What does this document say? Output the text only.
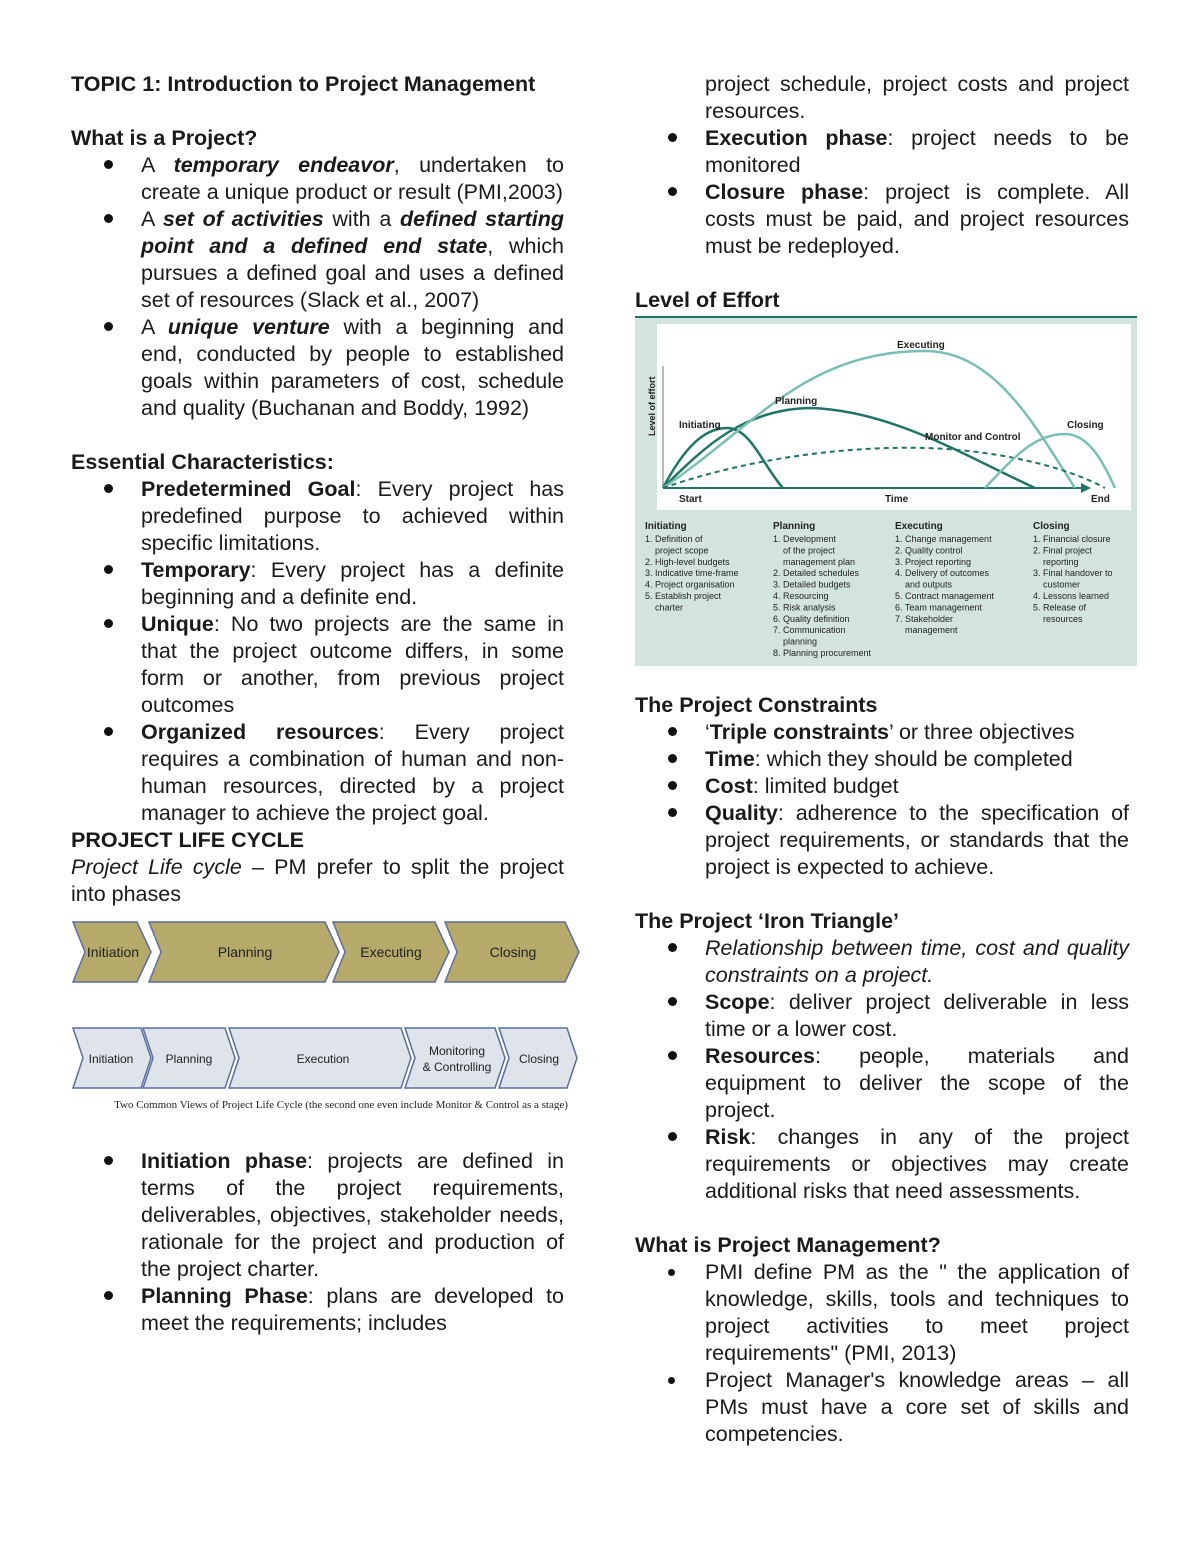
TOPIC 1: Introduction to Project Management

What is a Project?

A temporary endeavor, undertaken to create a unique product or result (PMI,2003)
A set of activities with a defined starting point and a defined end state, which pursues a defined goal and uses a defined set of resources (Slack et al., 2007)
A unique venture with a beginning and end, conducted by people to established goals within parameters of cost, schedule and quality (Buchanan and Boddy, 1992)

Essential Characteristics:

Predetermined Goal: Every project has predefined purpose to achieved within specific limitations.
Temporary: Every project has a definite beginning and a definite end.
Unique: No two projects are the same in that the project outcome differs, in some form or another, from previous project outcomes
Organized resources: Every project requires a combination of human and non-human resources, directed by a project manager to achieve the project goal.

PROJECT LIFE CYCLE

Project Life cycle – PM prefer to split the project into phases

Initiation	Planning	Executing	Closing
Initiation	Planning	Execution
Monitoring
& Controlling
Closing
Two Common Views of Project Life Cycle (the second one even include Monitor & Control as a stage)
Initiation phase: projects are defined in terms of the project requirements, deliverables, objectives, stakeholder needs, rationale for the project and production of the project charter.
Planning Phase: plans are developed to meet the requirements; includes

project schedule, project costs and project resources.

Execution phase: project needs to be monitored
Closure phase: project is complete. All costs must be paid, and project resources must be redeployed.

Level of Effort

Initiating
Planning
Executing
Monitor and Control
Closing
Start	Time	End
Level of effort
Initiating
1. Definition of
project scope
2. High-level budgets
3. Indicative time-frame
4. Project organisation
5. Establish project
charter
Planning
1. Development
of the project
management plan
2. Detailed schedules
3. Detailed budgets
4. Resourcing
5. Risk analysis
6. Quality definition
7. Communication
planning
8. Planning procurement
Executing
1. Change management
2. Quality control
3. Project reporting
4. Delivery of outcomes
and outputs
5. Contract management
6. Team management
7. Stakeholder
management
Closing
1. Financial closure
2. Final project
reporting
3. Final handover to
customer
4. Lessons learned
5. Release of
resources

The Project Constraints

‘Triple constraints’ or three objectives
Time: which they should be completed
Cost: limited budget
Quality: adherence to the specification of project requirements, or standards that the project is expected to achieve.

The Project ‘Iron Triangle’

Relationship between time, cost and quality constraints on a project.
Scope: deliver project deliverable in less time or a lower cost.
Resources: people, materials and equipment to deliver the scope of the project.
Risk: changes in any of the project requirements or objectives may create additional risks that need assessments.

What is Project Management?

PMI define PM as the " the application of knowledge, skills, tools and techniques to project activities to meet project requirements" (PMI, 2013)
Project Manager's knowledge areas – all PMs must have a core set of skills and competencies.
